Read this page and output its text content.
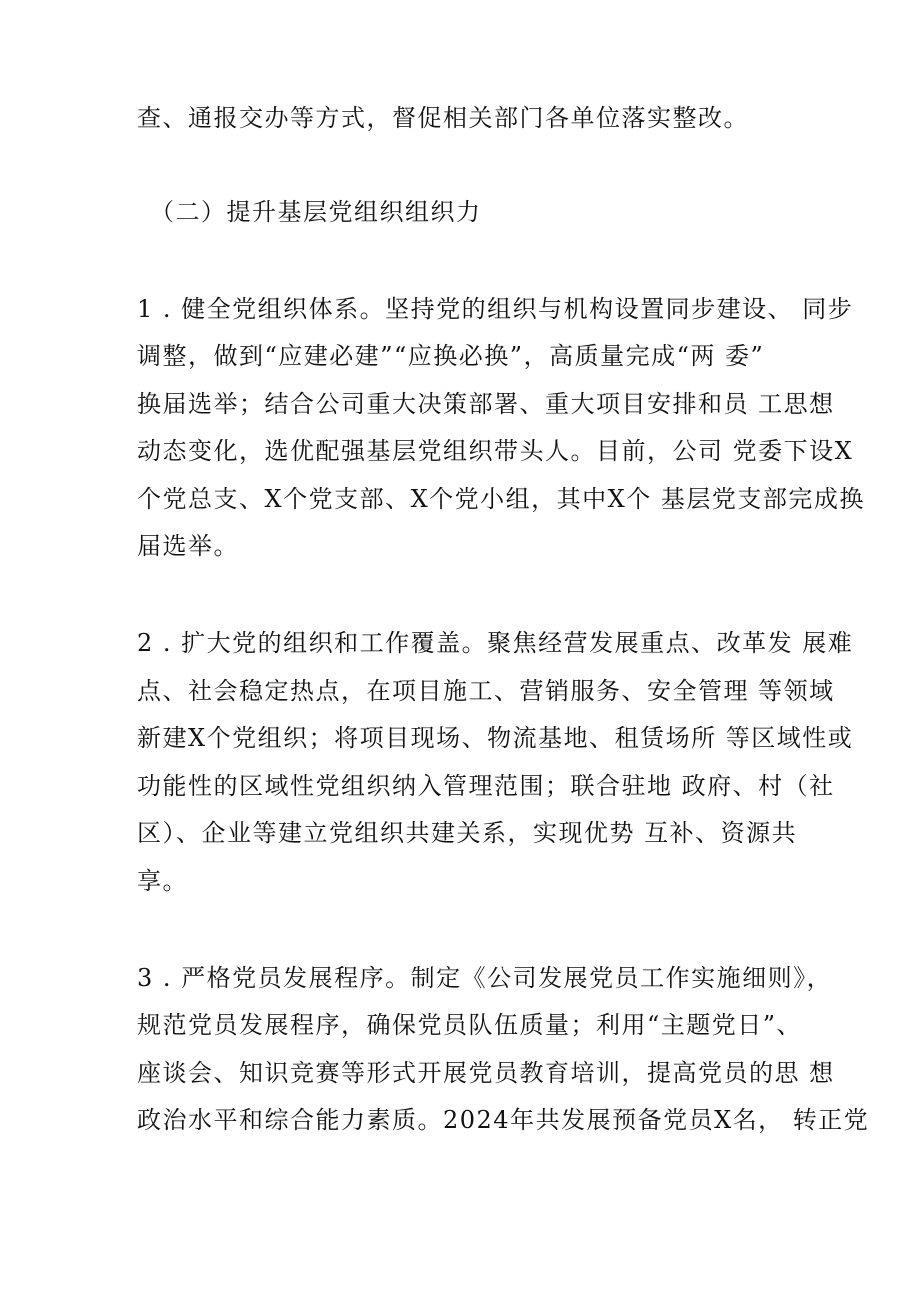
查、通报交办等方式，督促相关部门各单位落实整改。
（二）提升基层党组织组织力
1 . 健全党组织体系。坚持党的组织与机构设置同步建设、 同步
调整，做到“应建必建”“应换必换”，高质量完成“两 委”
换届选举；结合公司重大决策部署、重大项目安排和员 工思想
动态变化，选优配强基层党组织带头人。目前，公司 党委下设X
个党总支、X个党支部、X个党小组，其中X个 基层党支部完成换
届选举。
2 . 扩大党的组织和工作覆盖。聚焦经营发展重点、改革发 展难
点、社会稳定热点，在项目施工、营销服务、安全管理 等领域
新建X个党组织；将项目现场、物流基地、租赁场所 等区域性或
功能性的区域性党组织纳入管理范围；联合驻地 政府、村（社
区）、企业等建立党组织共建关系，实现优势 互补、资源共
享。
3 . 严格党员发展程序。制定《公司发展党员工作实施细则》，
规范党员发展程序，确保党员队伍质量；利用“主题党日”、
座谈会、知识竞赛等形式开展党员教育培训，提高党员的思 想
政治水平和综合能力素质。2024年共发展预备党员X名， 转正党
